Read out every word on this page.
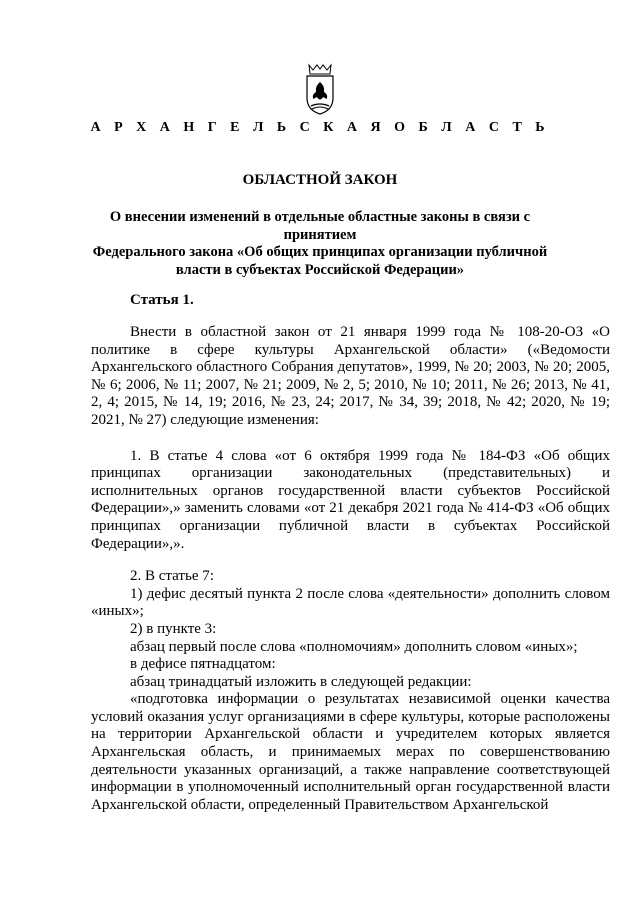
А Р Х А Н Г Е Л Ь С К А Я О Б Л А С Т Ь
ОБЛАСТНОЙ ЗАКОН
О внесении изменений в отдельные областные законы в связи с принятием
Федерального закона «Об общих принципах организации публичной
власти в субъектах Российской Федерации»
Статья 1.

Внести в областной закон от 21 января 1999 года № 108-20-ОЗ «О политике в сфере культуры Архангельской области» («Ведомости Архангельского областного Собрания депутатов», 1999, № 20; 2003, № 20; 2005, № 6; 2006, № 11; 2007, № 21; 2009, № 2, 5; 2010, № 10; 2011, № 26; 2013, № 41, 2, 4; 2015, № 14, 19; 2016, № 23, 24; 2017, № 34, 39; 2018, № 42; 2020, № 19; 2021, № 27) следующие изменения:

1. В статье 4 слова «от 6 октября 1999 года № 184-ФЗ «Об общих принципах организации законодательных (представительных) и исполнительных органов государственной власти субъектов Российской Федерации»,» заменить словами «от 21 декабря 2021 года № 414-ФЗ «Об общих принципах организации публичной власти в субъектах Российской Федерации»,».

2. В статье 7:

1) дефис десятый пункта 2 после слова «деятельности» дополнить словом «иных»;

2) в пункте 3:

абзац первый после слова «полномочиям» дополнить словом «иных»;

в дефисе пятнадцатом:

абзац тринадцатый изложить в следующей редакции:

«подготовка информации о результатах независимой оценки качества условий оказания услуг организациями в сфере культуры, которые расположены на территории Архангельской области и учредителем которых является Архангельская область, и принимаемых мерах по совершенствованию деятельности указанных организаций, а также направление соответствующей информации в уполномоченный исполнительный орган государственной власти Архангельской области, определенный Правительством Архангельской
